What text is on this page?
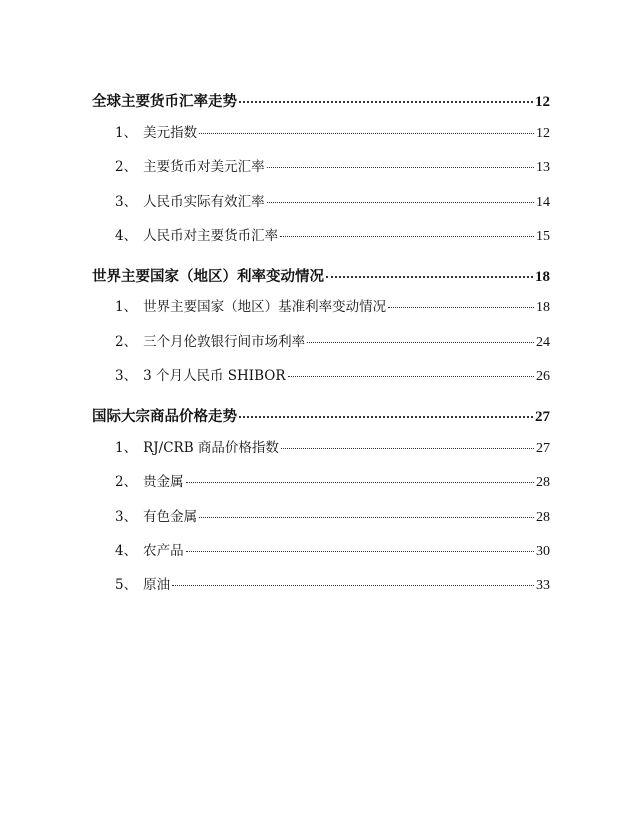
全球主要货币汇率走势	12
1、 美元指数	12
2、 主要货币对美元汇率	13
3、 人民币实际有效汇率	14
4、 人民币对主要货币汇率	15
世界主要国家（地区）利率变动情况	18
1、 世界主要国家（地区）基准利率变动情况	18
2、 三个月伦敦银行间市场利率	24
3、 3 个月人民币 SHIBOR	26
国际大宗商品价格走势	27
1、 RJ/CRB 商品价格指数	27
2、 贵金属	28
3、 有色金属	28
4、 农产品	30
5、 原油	33
